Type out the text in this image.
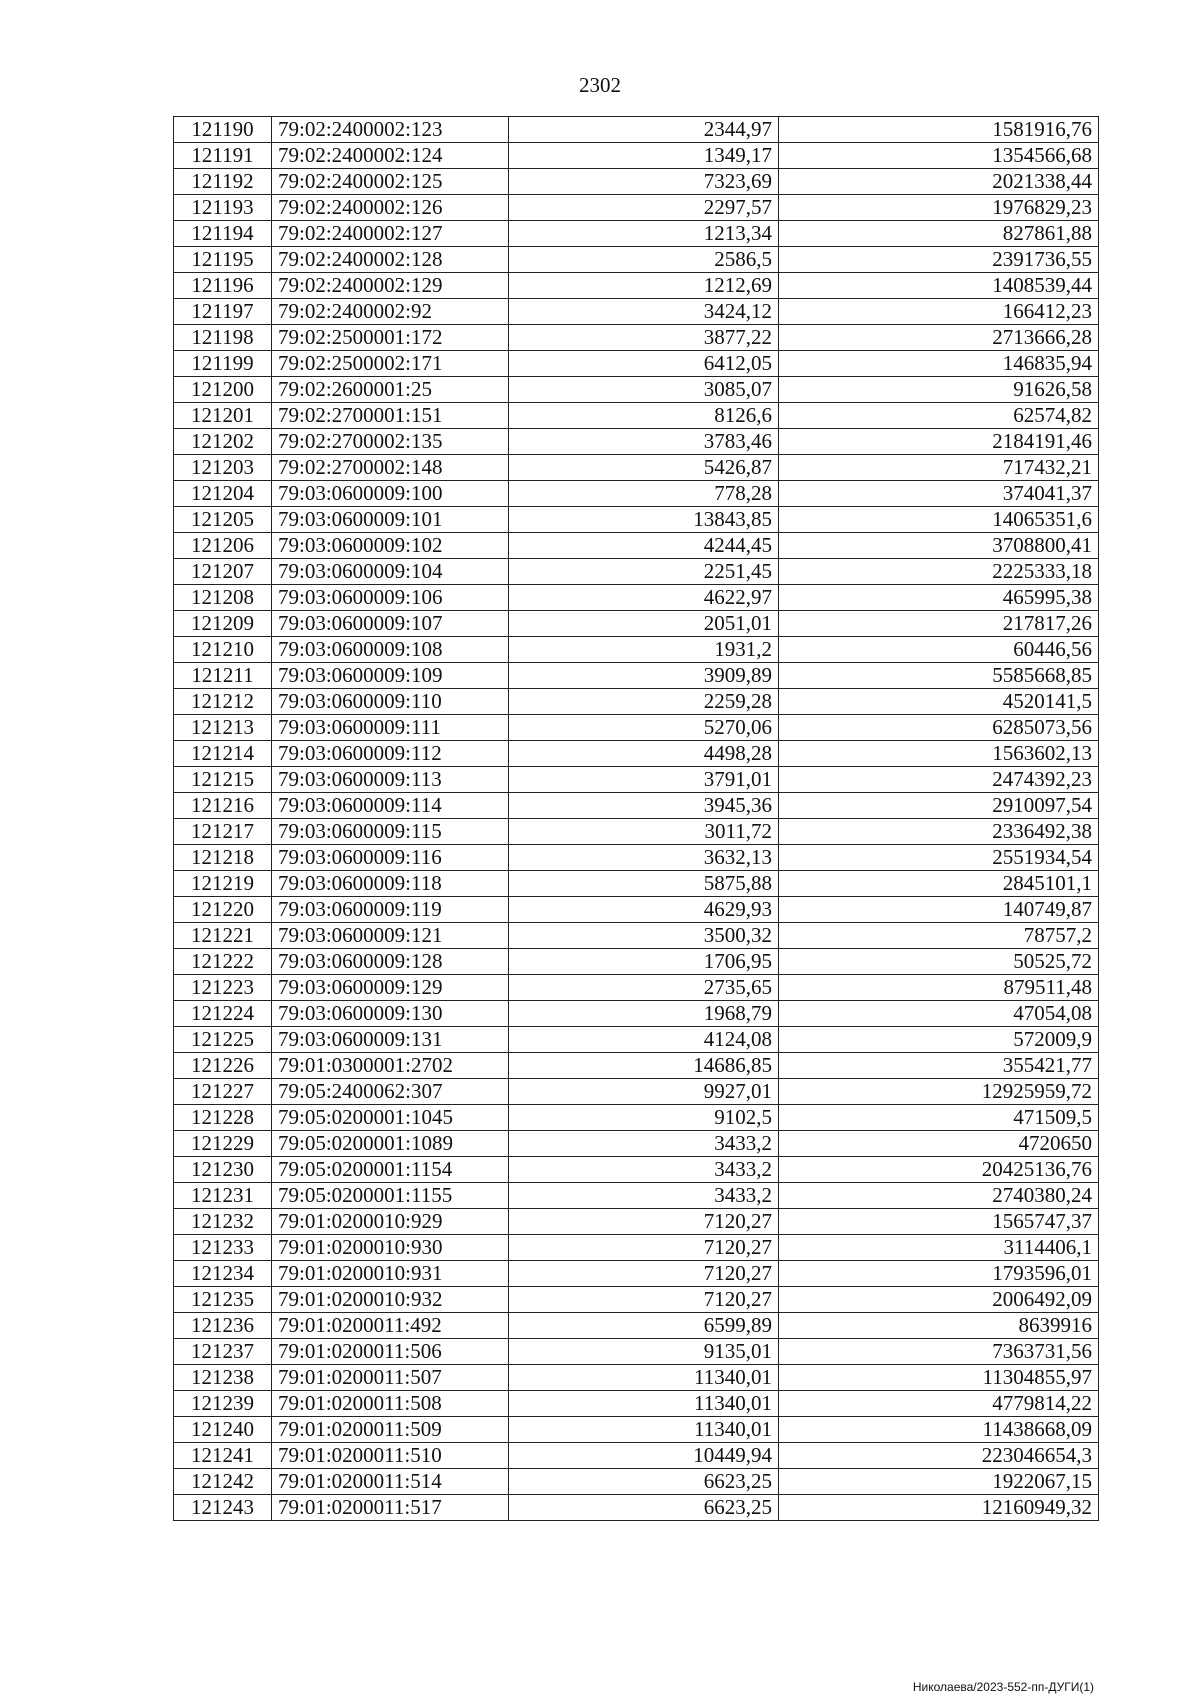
2302
121190	79:02:2400002:123	2344,97	1581916,76
121191	79:02:2400002:124	1349,17	1354566,68
121192	79:02:2400002:125	7323,69	2021338,44
121193	79:02:2400002:126	2297,57	1976829,23
121194	79:02:2400002:127	1213,34	827861,88
121195	79:02:2400002:128	2586,5	2391736,55
121196	79:02:2400002:129	1212,69	1408539,44
121197	79:02:2400002:92	3424,12	166412,23
121198	79:02:2500001:172	3877,22	2713666,28
121199	79:02:2500002:171	6412,05	146835,94
121200	79:02:2600001:25	3085,07	91626,58
121201	79:02:2700001:151	8126,6	62574,82
121202	79:02:2700002:135	3783,46	2184191,46
121203	79:02:2700002:148	5426,87	717432,21
121204	79:03:0600009:100	778,28	374041,37
121205	79:03:0600009:101	13843,85	14065351,6
121206	79:03:0600009:102	4244,45	3708800,41
121207	79:03:0600009:104	2251,45	2225333,18
121208	79:03:0600009:106	4622,97	465995,38
121209	79:03:0600009:107	2051,01	217817,26
121210	79:03:0600009:108	1931,2	60446,56
121211	79:03:0600009:109	3909,89	5585668,85
121212	79:03:0600009:110	2259,28	4520141,5
121213	79:03:0600009:111	5270,06	6285073,56
121214	79:03:0600009:112	4498,28	1563602,13
121215	79:03:0600009:113	3791,01	2474392,23
121216	79:03:0600009:114	3945,36	2910097,54
121217	79:03:0600009:115	3011,72	2336492,38
121218	79:03:0600009:116	3632,13	2551934,54
121219	79:03:0600009:118	5875,88	2845101,1
121220	79:03:0600009:119	4629,93	140749,87
121221	79:03:0600009:121	3500,32	78757,2
121222	79:03:0600009:128	1706,95	50525,72
121223	79:03:0600009:129	2735,65	879511,48
121224	79:03:0600009:130	1968,79	47054,08
121225	79:03:0600009:131	4124,08	572009,9
121226	79:01:0300001:2702	14686,85	355421,77
121227	79:05:2400062:307	9927,01	12925959,72
121228	79:05:0200001:1045	9102,5	471509,5
121229	79:05:0200001:1089	3433,2	4720650
121230	79:05:0200001:1154	3433,2	20425136,76
121231	79:05:0200001:1155	3433,2	2740380,24
121232	79:01:0200010:929	7120,27	1565747,37
121233	79:01:0200010:930	7120,27	3114406,1
121234	79:01:0200010:931	7120,27	1793596,01
121235	79:01:0200010:932	7120,27	2006492,09
121236	79:01:0200011:492	6599,89	8639916
121237	79:01:0200011:506	9135,01	7363731,56
121238	79:01:0200011:507	11340,01	11304855,97
121239	79:01:0200011:508	11340,01	4779814,22
121240	79:01:0200011:509	11340,01	11438668,09
121241	79:01:0200011:510	10449,94	223046654,3
121242	79:01:0200011:514	6623,25	1922067,15
121243	79:01:0200011:517	6623,25	12160949,32
Николаева/2023-552-пп-ДУГИ(1)
